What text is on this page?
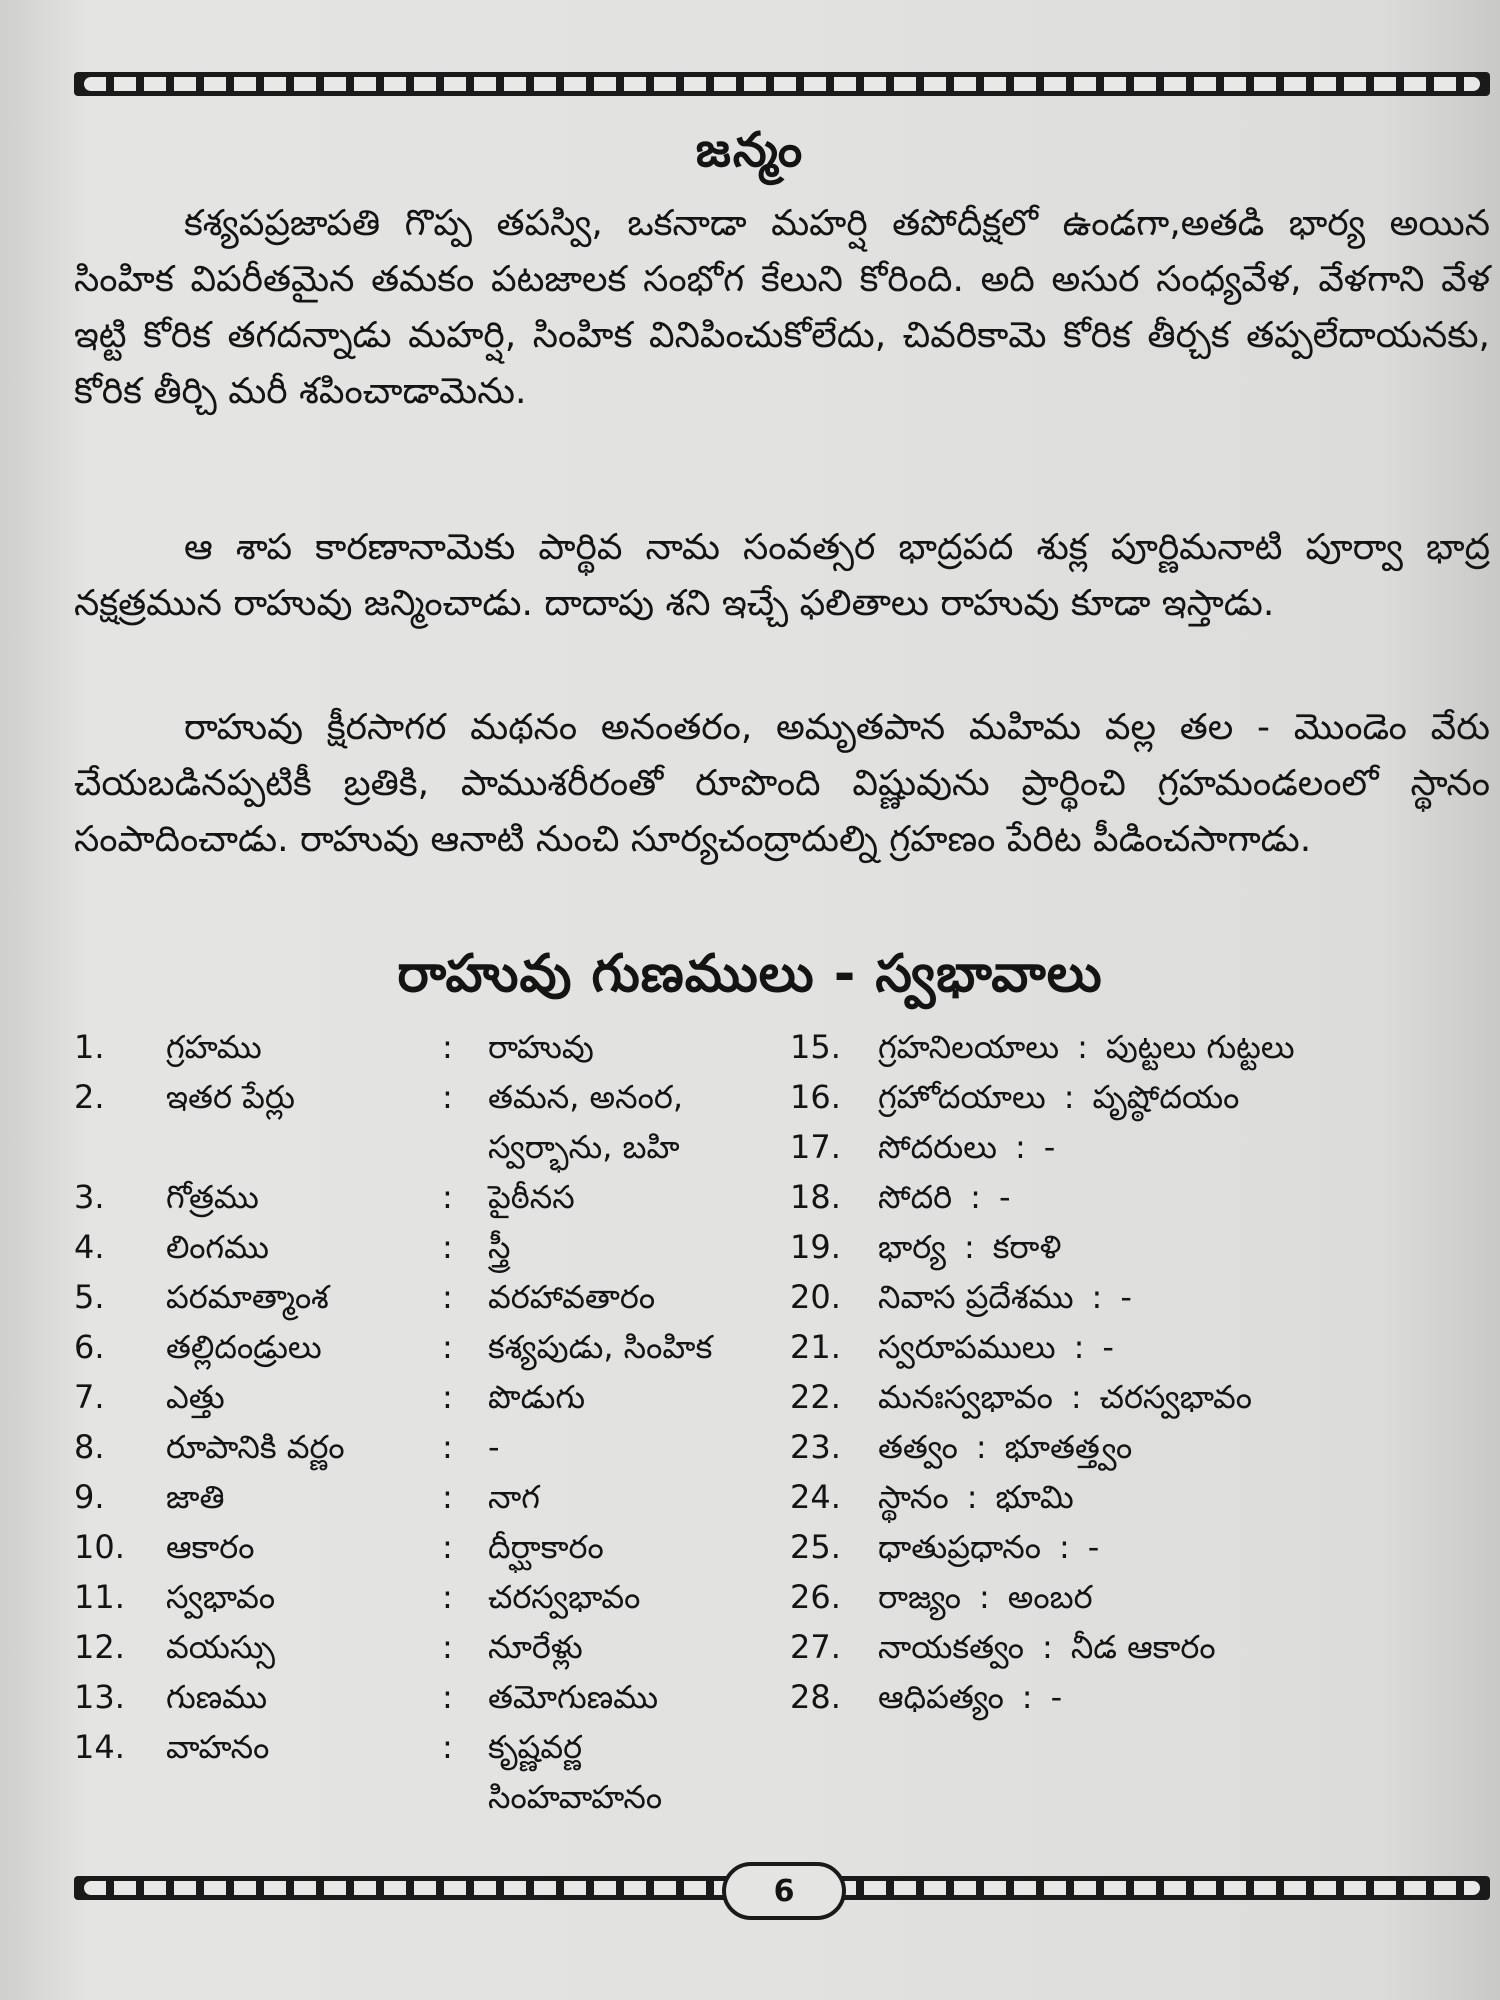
జన్మం

కశ్యపప్రజాపతి గొప్ప తపస్వి, ఒకనాడా మహర్షి తపోదీక్షలో ఉండగా,అతడి భార్య అయిన సింహిక విపరీతమైన తమకం పటజాలక సంభోగ కేలుని కోరింది. అది అసుర సంధ్యవేళ, వేళగాని వేళ ఇట్టి కోరిక తగదన్నాడు మహర్షి, సింహిక వినిపించుకోలేదు, చివరికామె కోరిక తీర్చక తప్పలేదాయనకు, కోరిక తీర్చి మరీ శపించాడామెను.

ఆ శాప కారణానామెకు పార్థివ నామ సంవత్సర భాద్రపద శుక్ల పూర్ణిమనాటి పూర్వా భాద్ర నక్షత్రమున రాహువు జన్మించాడు. దాదాపు శని ఇచ్చే ఫలితాలు రాహువు కూడా ఇస్తాడు.

రాహువు క్షీరసాగర మథనం అనంతరం, అమృతపాన మహిమ వల్ల తల - మొండెం వేరు చేయబడినప్పటికీ బ్రతికి, పాముశరీరంతో రూపొంది విష్ణువును ప్రార్థించి గ్రహమండలంలో స్థానం సంపాదించాడు. రాహువు ఆనాటి నుంచి సూర్యచంద్రాదుల్ని గ్రహణం పేరిట పీడించసాగాడు.

రాహువు గుణములు - స్వభావాలు
1.	గ్రహము	:	రాహువు
2.	ఇతర పేర్లు	:	తమన, అనంర, స్వర్భాను, బహి
3.	గోత్రము	:	పైఠీనస
4.	లింగము	:	స్త్రీ
5.	పరమాత్మాంశ	:	వరహావతారం
6.	తల్లిదండ్రులు	:	కశ్యపుడు, సింహిక
7.	ఎత్తు	:	పొడుగు
8.	రూపానికి వర్ణం	:	-
9.	జాతి	:	నాగ
10.	ఆకారం	:	దీర్ఘాకారం
11.	స్వభావం	:	చరస్వభావం
12.	వయస్సు	:	నూరేళ్లు
13.	గుణము	:	తమోగుణము
14.	వాహనం	:	కృష్ణవర్ణ సింహవాహనం
15.	గ్రహనిలయాలు : పుట్టలు గుట్టలు
16.	గ్రహోదయాలు : పృష్ఠోదయం
17.	సోదరులు : -
18.	సోదరి : -
19.	భార్య : కరాళి
20.	నివాస ప్రదేశము : -
21.	స్వరూపములు : -
22.	మనఃస్వభావం : చరస్వభావం
23.	తత్వం : భూతత్త్వం
24.	స్థానం : భూమి
25.	ధాతుప్రధానం : -
26.	రాజ్యం : అంబర
27.	నాయకత్వం : నీడ ఆకారం
28.	ఆధిపత్యం : -
6
